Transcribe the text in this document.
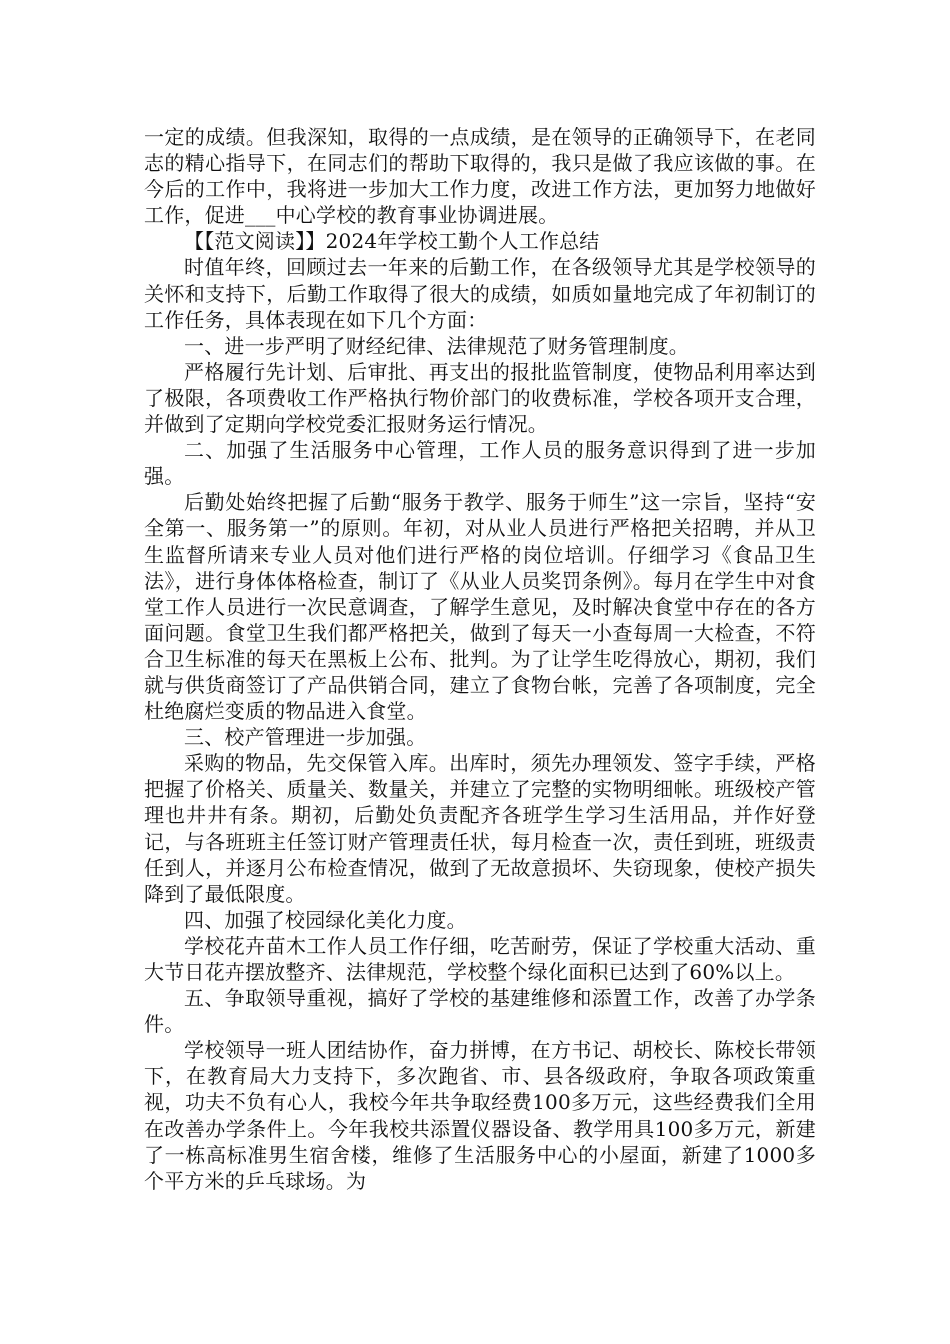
一定的成绩。但我深知，取得的一点成绩，是在领导的正确领导下，在老同志的精心指导下，在同志们的帮助下取得的，我只是做了我应该做的事。在今后的工作中，我将进一步加大工作力度，改进工作方法，更加努力地做好工作，促进___中心学校的教育事业协调进展。

【【范文阅读】】2024年学校工勤个人工作总结

时值年终，回顾过去一年来的后勤工作，在各级领导尤其是学校领导的关怀和支持下，后勤工作取得了很大的成绩，如质如量地完成了年初制订的工作任务，具体表现在如下几个方面：

一、进一步严明了财经纪律、法律规范了财务管理制度。

严格履行先计划、后审批、再支出的报批监管制度，使物品利用率达到了极限，各项费收工作严格执行物价部门的收费标准，学校各项开支合理，并做到了定期向学校党委汇报财务运行情况。

二、加强了生活服务中心管理，工作人员的服务意识得到了进一步加强。

后勤处始终把握了后勤“服务于教学、服务于师生”这一宗旨，坚持“安全第一、服务第一”的原则。年初，对从业人员进行严格把关招聘，并从卫生监督所请来专业人员对他们进行严格的岗位培训。仔细学习《食品卫生法》，进行身体体格检查，制订了《从业人员奖罚条例》。每月在学生中对食堂工作人员进行一次民意调查，了解学生意见，及时解决食堂中存在的各方面问题。食堂卫生我们都严格把关，做到了每天一小查每周一大检查，不符合卫生标准的每天在黑板上公布、批判。为了让学生吃得放心，期初，我们就与供货商签订了产品供销合同，建立了食物台帐，完善了各项制度，完全杜绝腐烂变质的物品进入食堂。

三、校产管理进一步加强。

采购的物品，先交保管入库。出库时，须先办理领发、签字手续，严格把握了价格关、质量关、数量关，并建立了完整的实物明细帐。班级校产管理也井井有条。期初，后勤处负责配齐各班学生学习生活用品，并作好登记，与各班班主任签订财产管理责任状，每月检查一次，责任到班，班级责任到人，并逐月公布检查情况，做到了无故意损坏、失窃现象，使校产损失降到了最低限度。

四、加强了校园绿化美化力度。

学校花卉苗木工作人员工作仔细，吃苦耐劳，保证了学校重大活动、重大节日花卉摆放整齐、法律规范，学校整个绿化面积已达到了60%以上。

五、争取领导重视，搞好了学校的基建维修和添置工作，改善了办学条件。

学校领导一班人团结协作，奋力拼博，在方书记、胡校长、陈校长带领下，在教育局大力支持下，多次跑省、市、县各级政府，争取各项政策重视，功夫不负有心人，我校今年共争取经费100多万元，这些经费我们全用在改善办学条件上。今年我校共添置仪器设备、教学用具100多万元，新建了一栋高标准男生宿舍楼，维修了生活服务中心的小屋面，新建了1000多个平方米的乒乓球场。为
